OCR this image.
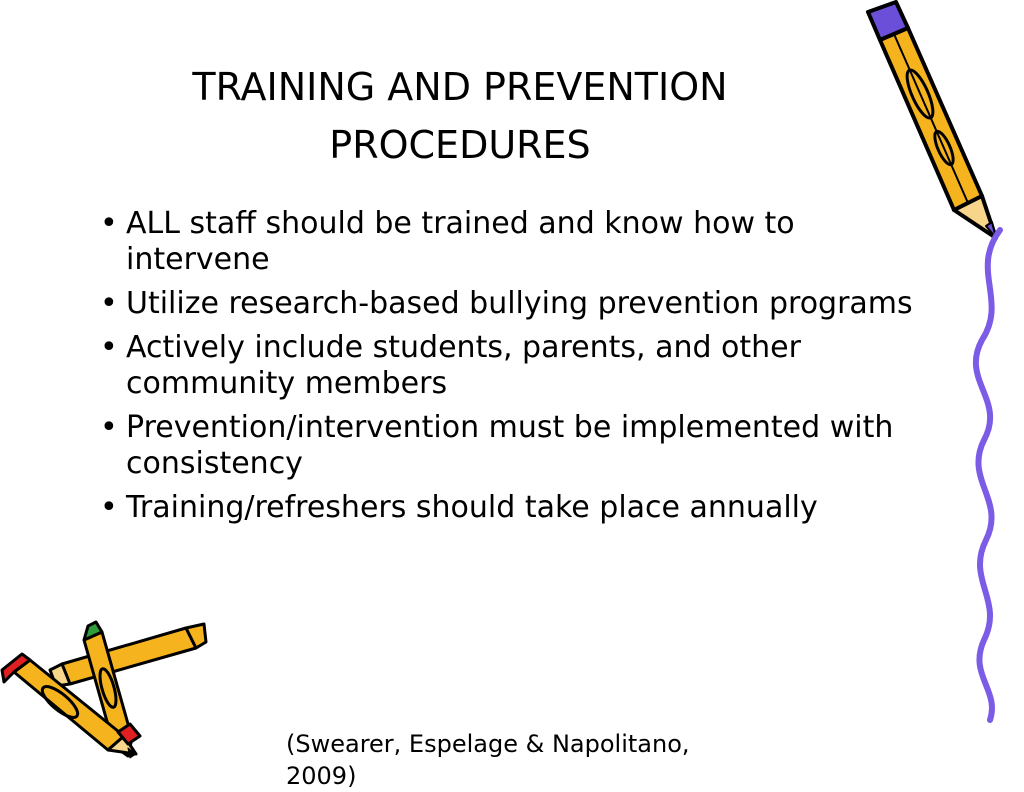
TRAINING AND PREVENTION
PROCEDURES
• ALL staff should be trained and know how to intervene
• Utilize research-based bullying prevention programs
• Actively include students, parents, and other community members
• Prevention/intervention must be implemented with consistency
• Training/refreshers should take place annually

(Swearer, Espelage & Napolitano, 2009)
